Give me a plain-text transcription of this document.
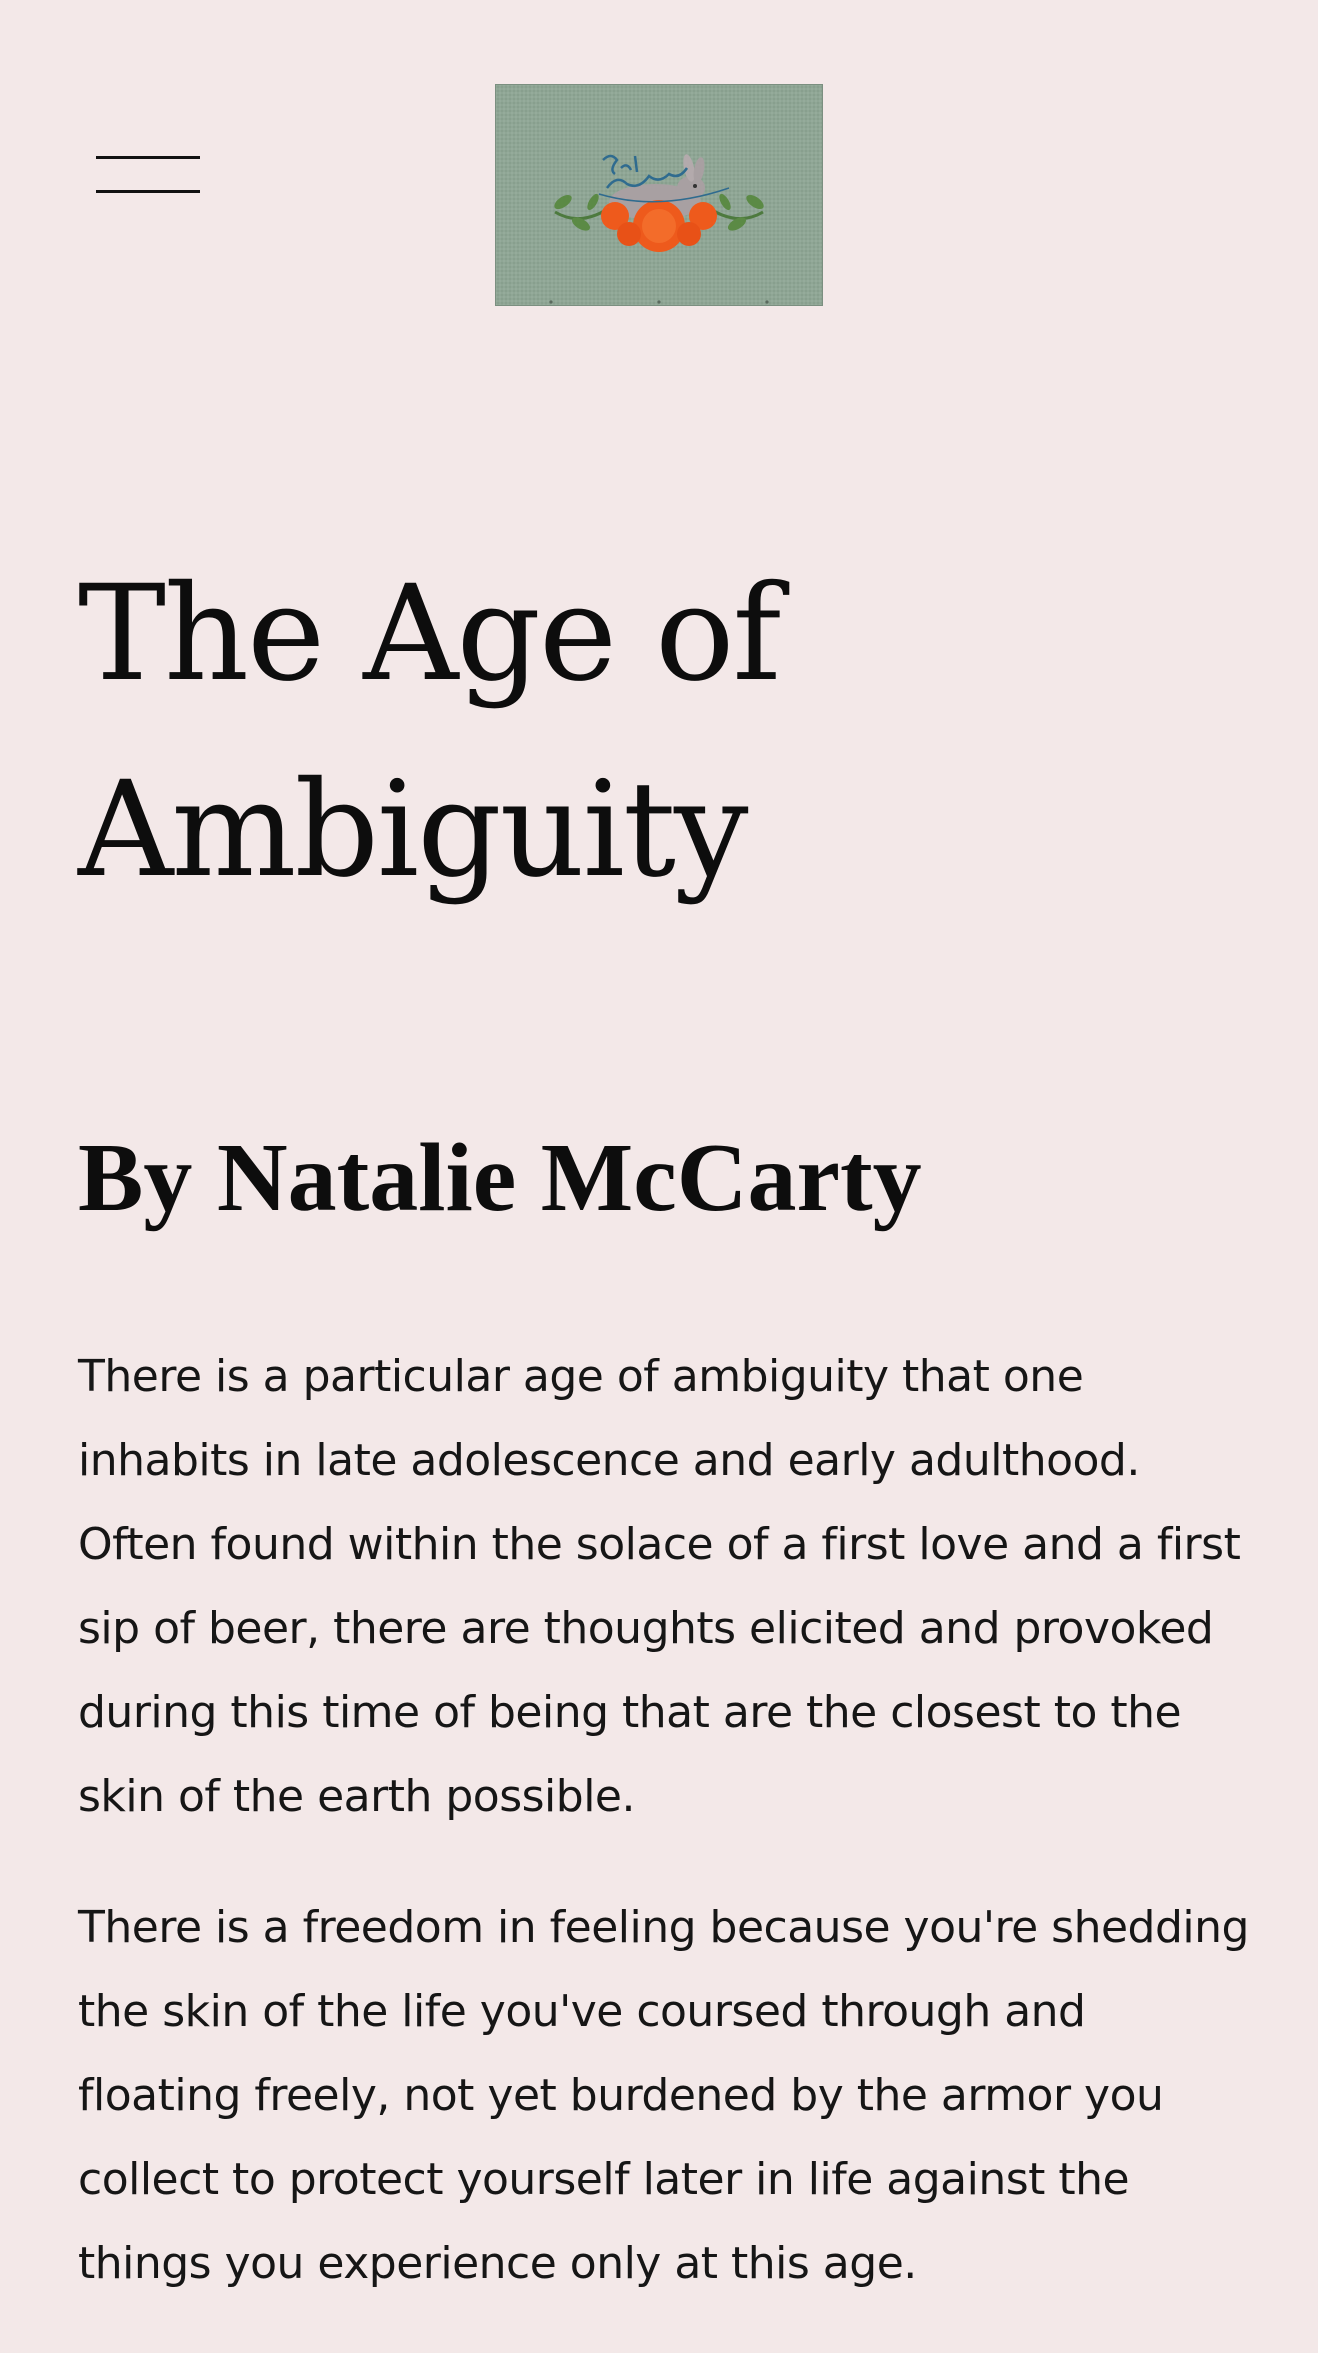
The Age of Ambiguity
By Natalie McCarty

There is a particular age of ambiguity that one inhabits in late adolescence and early adulthood. Often found within the solace of a first love and a first sip of beer, there are thoughts elicited and provoked during this time of being that are the closest to the skin of the earth possible.

There is a freedom in feeling because you're shedding the skin of the life you've coursed through and floating freely, not yet burdened by the armor you collect to protect yourself later in life against the things you experience only at this age.
